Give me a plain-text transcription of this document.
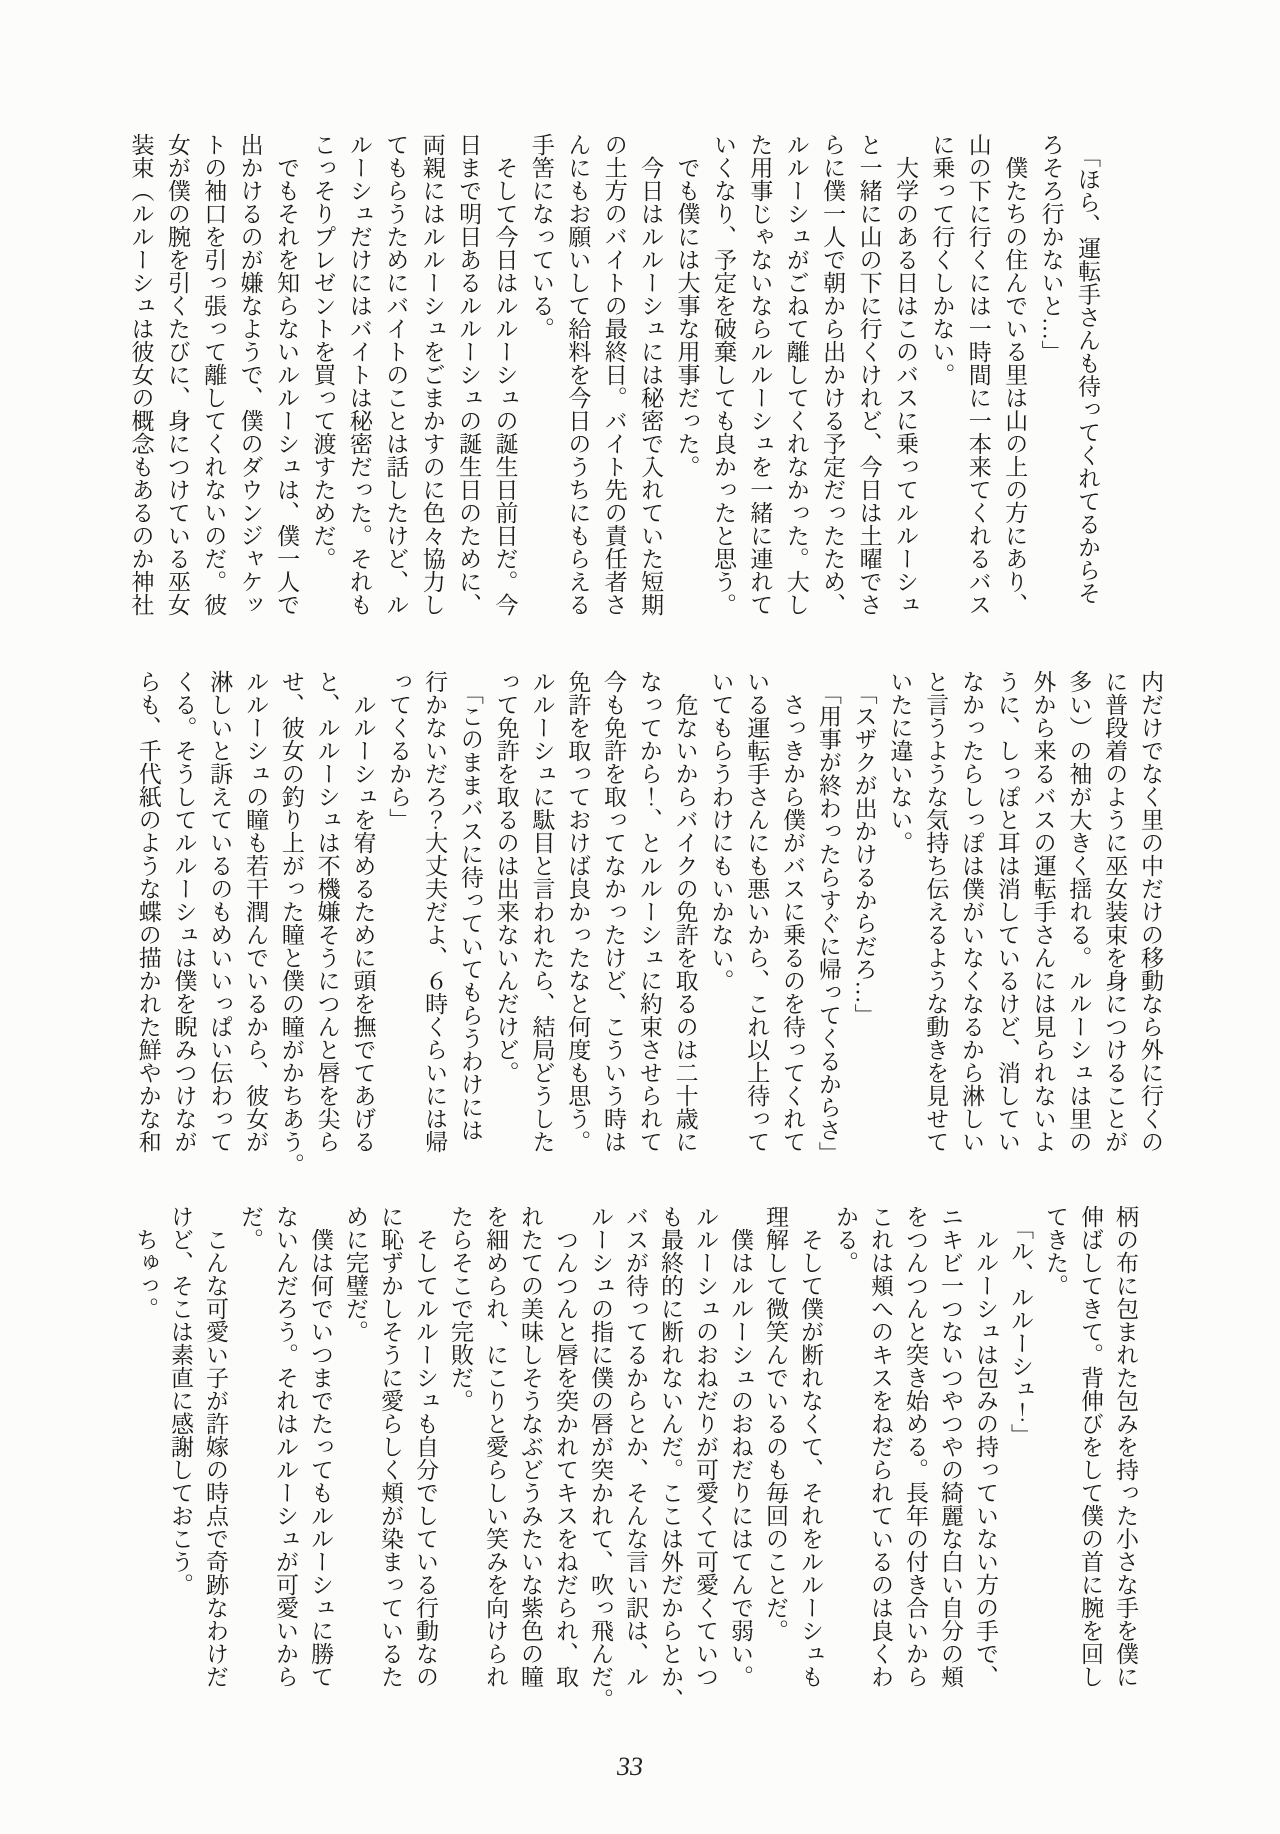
　「ほら、運転手さんも待ってくれてるからそ
ろそろ行かないと…」
　僕たちの住んでいる里は山の上の方にあり、
山の下に行くには一時間に一本来てくれるバス
に乗って行くしかない。
　大学のある日はこのバスに乗ってルルーシュ
と一緒に山の下に行くけれど、今日は土曜でさ
らに僕一人で朝から出かける予定だったため、
ルルーシュがごねて離してくれなかった。大し
た用事じゃないならルルーシュを一緒に連れて
いくなり、予定を破棄しても良かったと思う。
　でも僕には大事な用事だった。
　今日はルルーシュには秘密で入れていた短期
の土方のバイトの最終日。バイト先の責任者さ
んにもお願いして給料を今日のうちにもらえる
手筈になっている。
　そして今日はルルーシュの誕生日前日だ。今
日まで明日あるルルーシュの誕生日のために、
両親にはルルーシュをごまかすのに色々協力し
てもらうためにバイトのことは話したけど、ル
ルーシュだけにはバイトは秘密だった。それも
こっそりプレゼントを買って渡すためだ。
　でもそれを知らないルルーシュは、僕一人で
出かけるのが嫌なようで、僕のダウンジャケッ
トの袖口を引っ張って離してくれないのだ。彼
女が僕の腕を引くたびに、身につけている巫女
装束（ルルーシュは彼女の概念もあるのか神社
内だけでなく里の中だけの移動なら外に行くの
に普段着のように巫女装束を身につけることが
多い）の袖が大きく揺れる。ルルーシュは里の
外から来るバスの運転手さんには見られないよ
うに、しっぽと耳は消しているけど、消してい
なかったらしっぽは僕がいなくなるから淋しい
と言うような気持ち伝えるような動きを見せて
いたに違いない。
　「スザクが出かけるからだろ…」
　「用事が終わったらすぐに帰ってくるからさ」
　さっきから僕がバスに乗るのを待ってくれて
いる運転手さんにも悪いから、これ以上待って
いてもらうわけにもいかない。
　危ないからバイクの免許を取るのは二十歳に
なってから！、とルルーシュに約束させられて
今も免許を取ってなかったけど、こういう時は
免許を取っておけば良かったなと何度も思う。
ルルーシュに駄目と言われたら、結局どうした
って免許を取るのは出来ないんだけど。
　「このままバスに待っていてもらうわけには
行かないだろ？大丈夫だよ、６時くらいには帰
ってくるから」
　ルルーシュを宥めるために頭を撫でてあげる
と、ルルーシュは不機嫌そうにつんと唇を尖ら
せ、彼女の釣り上がった瞳と僕の瞳がかちあう。
ルルーシュの瞳も若干潤んでいるから、彼女が
淋しいと訴えているのもめいいっぱい伝わって
くる。そうしてルルーシュは僕を睨みつけなが
らも、千代紙のような蝶の描かれた鮮やかな和
柄の布に包まれた包みを持った小さな手を僕に
伸ばしてきて。背伸びをして僕の首に腕を回し
てきた。
　「ル、ルルーシュ！」
　ルルーシュは包みの持っていない方の手で、
ニキビ一つないつやつやの綺麗な白い自分の頬
をつんつんと突き始める。長年の付き合いから
これは頬へのキスをねだられているのは良くわ
かる。
　そして僕が断れなくて、それをルルーシュも
理解して微笑んでいるのも毎回のことだ。
　僕はルルーシュのおねだりにはてんで弱い。
ルルーシュのおねだりが可愛くて可愛くていつ
も最終的に断れないんだ。ここは外だからとか、
バスが待ってるからとか、そんな言い訳は、ル
ルーシュの指に僕の唇が突かれて、吹っ飛んだ。
　つんつんと唇を突かれてキスをねだられ、取
れたての美味しそうなぶどうみたいな紫色の瞳
を細められ、にこりと愛らしい笑みを向けられ
たらそこで完敗だ。
　そしてルルーシュも自分でしている行動なの
に恥ずかしそうに愛らしく頬が染まっているた
めに完璧だ。
　僕は何でいつまでたってもルルーシュに勝て
ないんだろう。それはルルーシュが可愛いから
だ。
　こんな可愛い子が許嫁の時点で奇跡なわけだ
けど、そこは素直に感謝しておこう。
　ちゅっ。
33
